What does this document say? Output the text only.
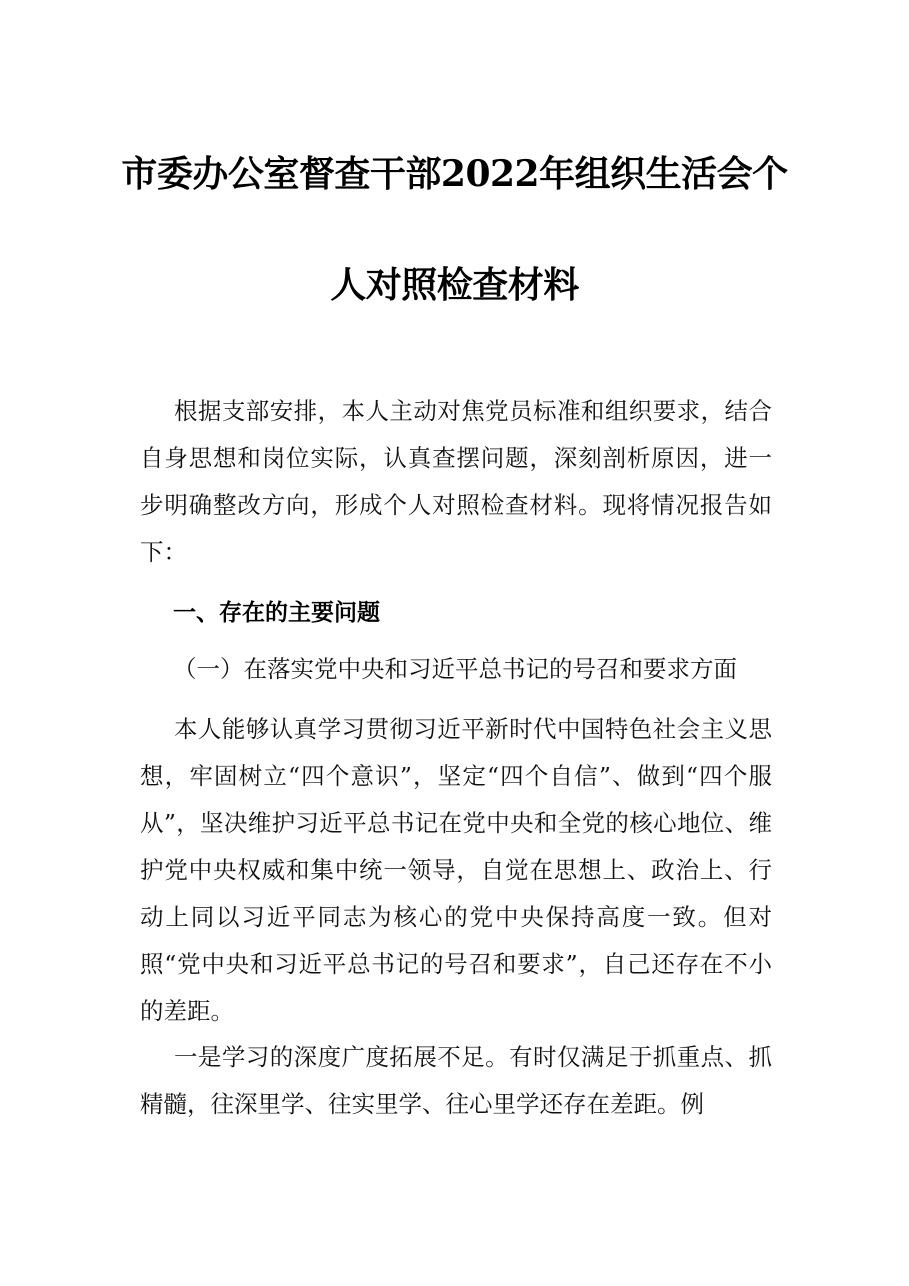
市委办公室督查干部2022年组织生活会个
人对照检查材料

根据支部安排，本人主动对焦党员标准和组织要求，结合自身思想和岗位实际，认真查摆问题，深刻剖析原因，进一步明确整改方向，形成个人对照检查材料。现将情况报告如下：

一、存在的主要问题
（一）在落实党中央和习近平总书记的号召和要求方面

本人能够认真学习贯彻习近平新时代中国特色社会主义思想，牢固树立“四个意识”，坚定“四个自信”、做到“四个服从”，坚决维护习近平总书记在党中央和全党的核心地位、维护党中央权威和集中统一领导，自觉在思想上、政治上、行动上同以习近平同志为核心的党中央保持高度一致。但对照“党中央和习近平总书记的号召和要求”，自己还存在不小的差距。

一是学习的深度广度拓展不足。有时仅满足于抓重点、抓精髓，往深里学、往实里学、往心里学还存在差距。例
